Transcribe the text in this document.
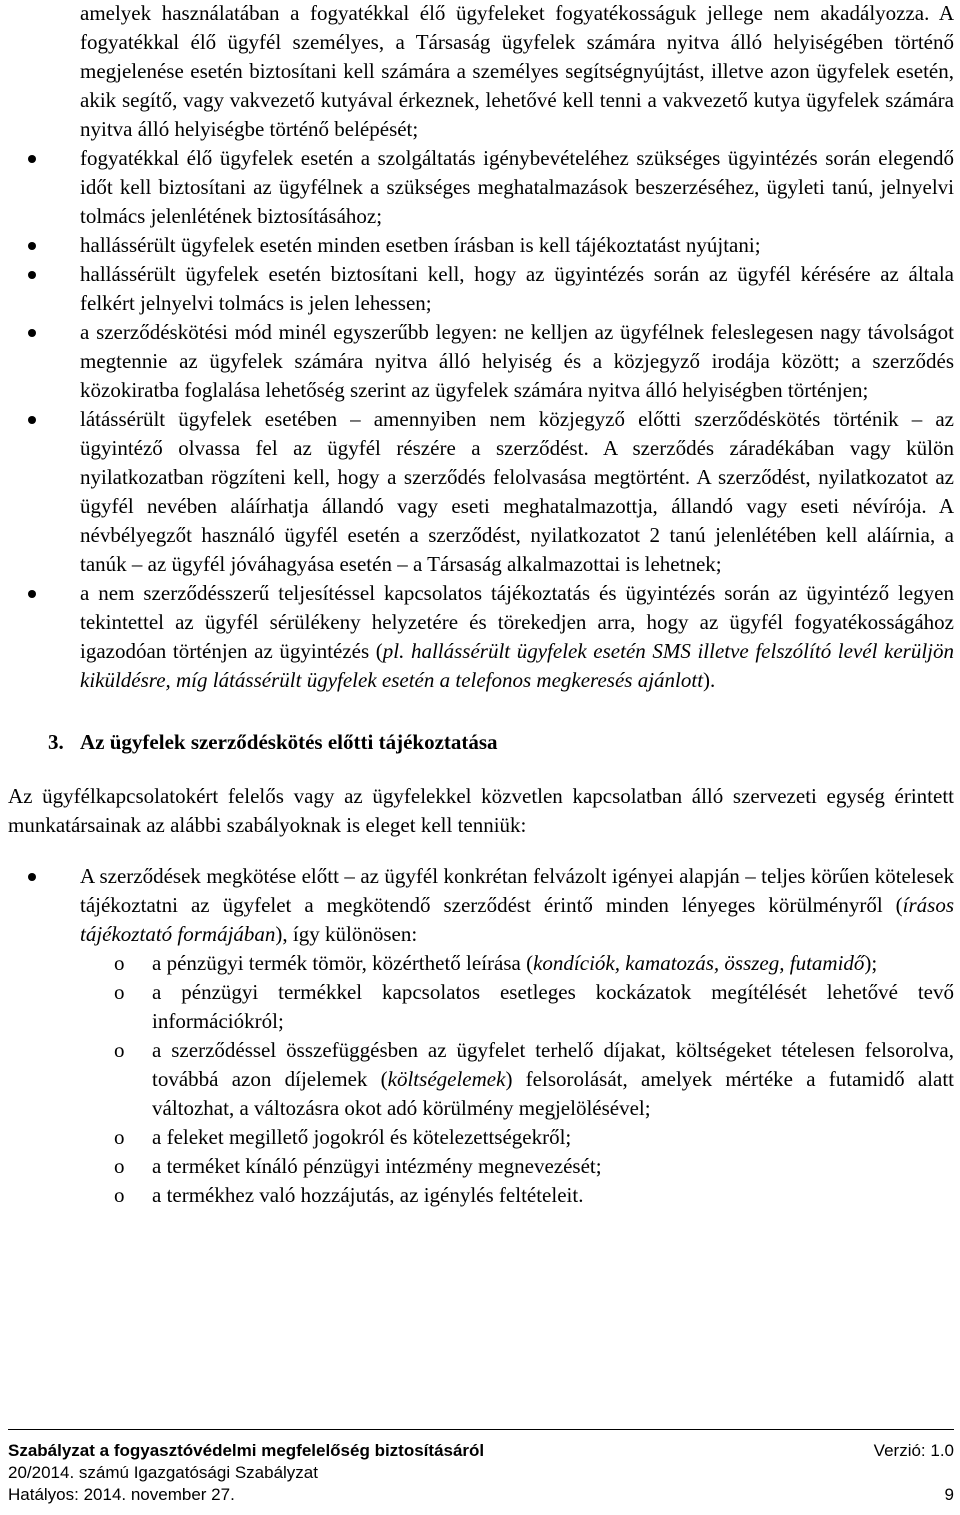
amelyek használatában a fogyatékkal élő ügyfeleket fogyatékosságuk jellege nem akadályozza. A fogyatékkal élő ügyfél személyes, a Társaság ügyfelek számára nyitva álló helyiségében történő megjelenése esetén biztosítani kell számára a személyes segítségnyújtást, illetve azon ügyfelek esetén, akik segítő, vagy vakvezető kutyával érkeznek, lehetővé kell tenni a vakvezető kutya ügyfelek számára nyitva álló helyiségbe történő belépését;

fogyatékkal élő ügyfelek esetén a szolgáltatás igénybevételéhez szükséges ügyintézés során elegendő időt kell biztosítani az ügyfélnek a szükséges meghatalmazások beszerzéséhez, ügyleti tanú, jelnyelvi tolmács jelenlétének biztosításához;
hallássérült ügyfelek esetén minden esetben írásban is kell tájékoztatást nyújtani;
hallássérült ügyfelek esetén biztosítani kell, hogy az ügyintézés során az ügyfél kérésére az általa felkért jelnyelvi tolmács is jelen lehessen;
a szerződéskötési mód minél egyszerűbb legyen: ne kelljen az ügyfélnek feleslegesen nagy távolságot megtennie az ügyfelek számára nyitva álló helyiség és a közjegyző irodája között; a szerződés közokiratba foglalása lehetőség szerint az ügyfelek számára nyitva álló helyiségben történjen;
látássérült ügyfelek esetében – amennyiben nem közjegyző előtti szerződéskötés történik – az ügyintéző olvassa fel az ügyfél részére a szerződést. A szerződés záradékában vagy külön nyilatkozatban rögzíteni kell, hogy a szerződés felolvasása megtörtént. A szerződést, nyilatkozatot az ügyfél nevében aláírhatja állandó vagy eseti meghatalmazottja, állandó vagy eseti névírója. A névbélyegzőt használó ügyfél esetén a szerződést, nyilatkozatot 2 tanú jelenlétében kell aláírnia, a tanúk – az ügyfél jóváhagyása esetén – a Társaság alkalmazottai is lehetnek;
a nem szerződésszerű teljesítéssel kapcsolatos tájékoztatás és ügyintézés során az ügyintéző legyen tekintettel az ügyfél sérülékeny helyzetére és törekedjen arra, hogy az ügyfél fogyatékosságához igazodóan történjen az ügyintézés (pl. hallássérült ügyfelek esetén SMS illetve felszólító levél kerüljön kiküldésre, míg látássérült ügyfelek esetén a telefonos megkeresés ajánlott).
3. Az ügyfelek szerződéskötés előtti tájékoztatása

Az ügyfélkapcsolatokért felelős vagy az ügyfelekkel közvetlen kapcsolatban álló szervezeti egység érintett munkatársainak az alábbi szabályoknak is eleget kell tenniük:

A szerződések megkötése előtt – az ügyfél konkrétan felvázolt igényei alapján – teljes körűen kötelesek tájékoztatni az ügyfelet a megkötendő szerződést érintő minden lényeges körülményről (írásos tájékoztató formájában), így különösen:
o a pénzügyi termék tömör, közérthető leírása (kondíciók, kamatozás, összeg, futamidő);
o a pénzügyi termékkel kapcsolatos esetleges kockázatok megítélését lehetővé tevő információkról;
o a szerződéssel összefüggésben az ügyfelet terhelő díjakat, költségeket tételesen felsorolva, továbbá azon díjelemek (költségelemek) felsorolását, amelyek mértéke a futamidő alatt változhat, a változásra okot adó körülmény megjelölésével;
o a feleket megillető jogokról és kötelezettségekről;
o a terméket kínáló pénzügyi intézmény megnevezését;
o a termékhez való hozzájutás, az igénylés feltételeit.
Szabályzat a fogyasztóvédelmi megfelelőség biztosításáról	Verzió: 1.0
20/2014. számú Igazgatósági Szabályzat
Hatályos: 2014. november 27.	9
